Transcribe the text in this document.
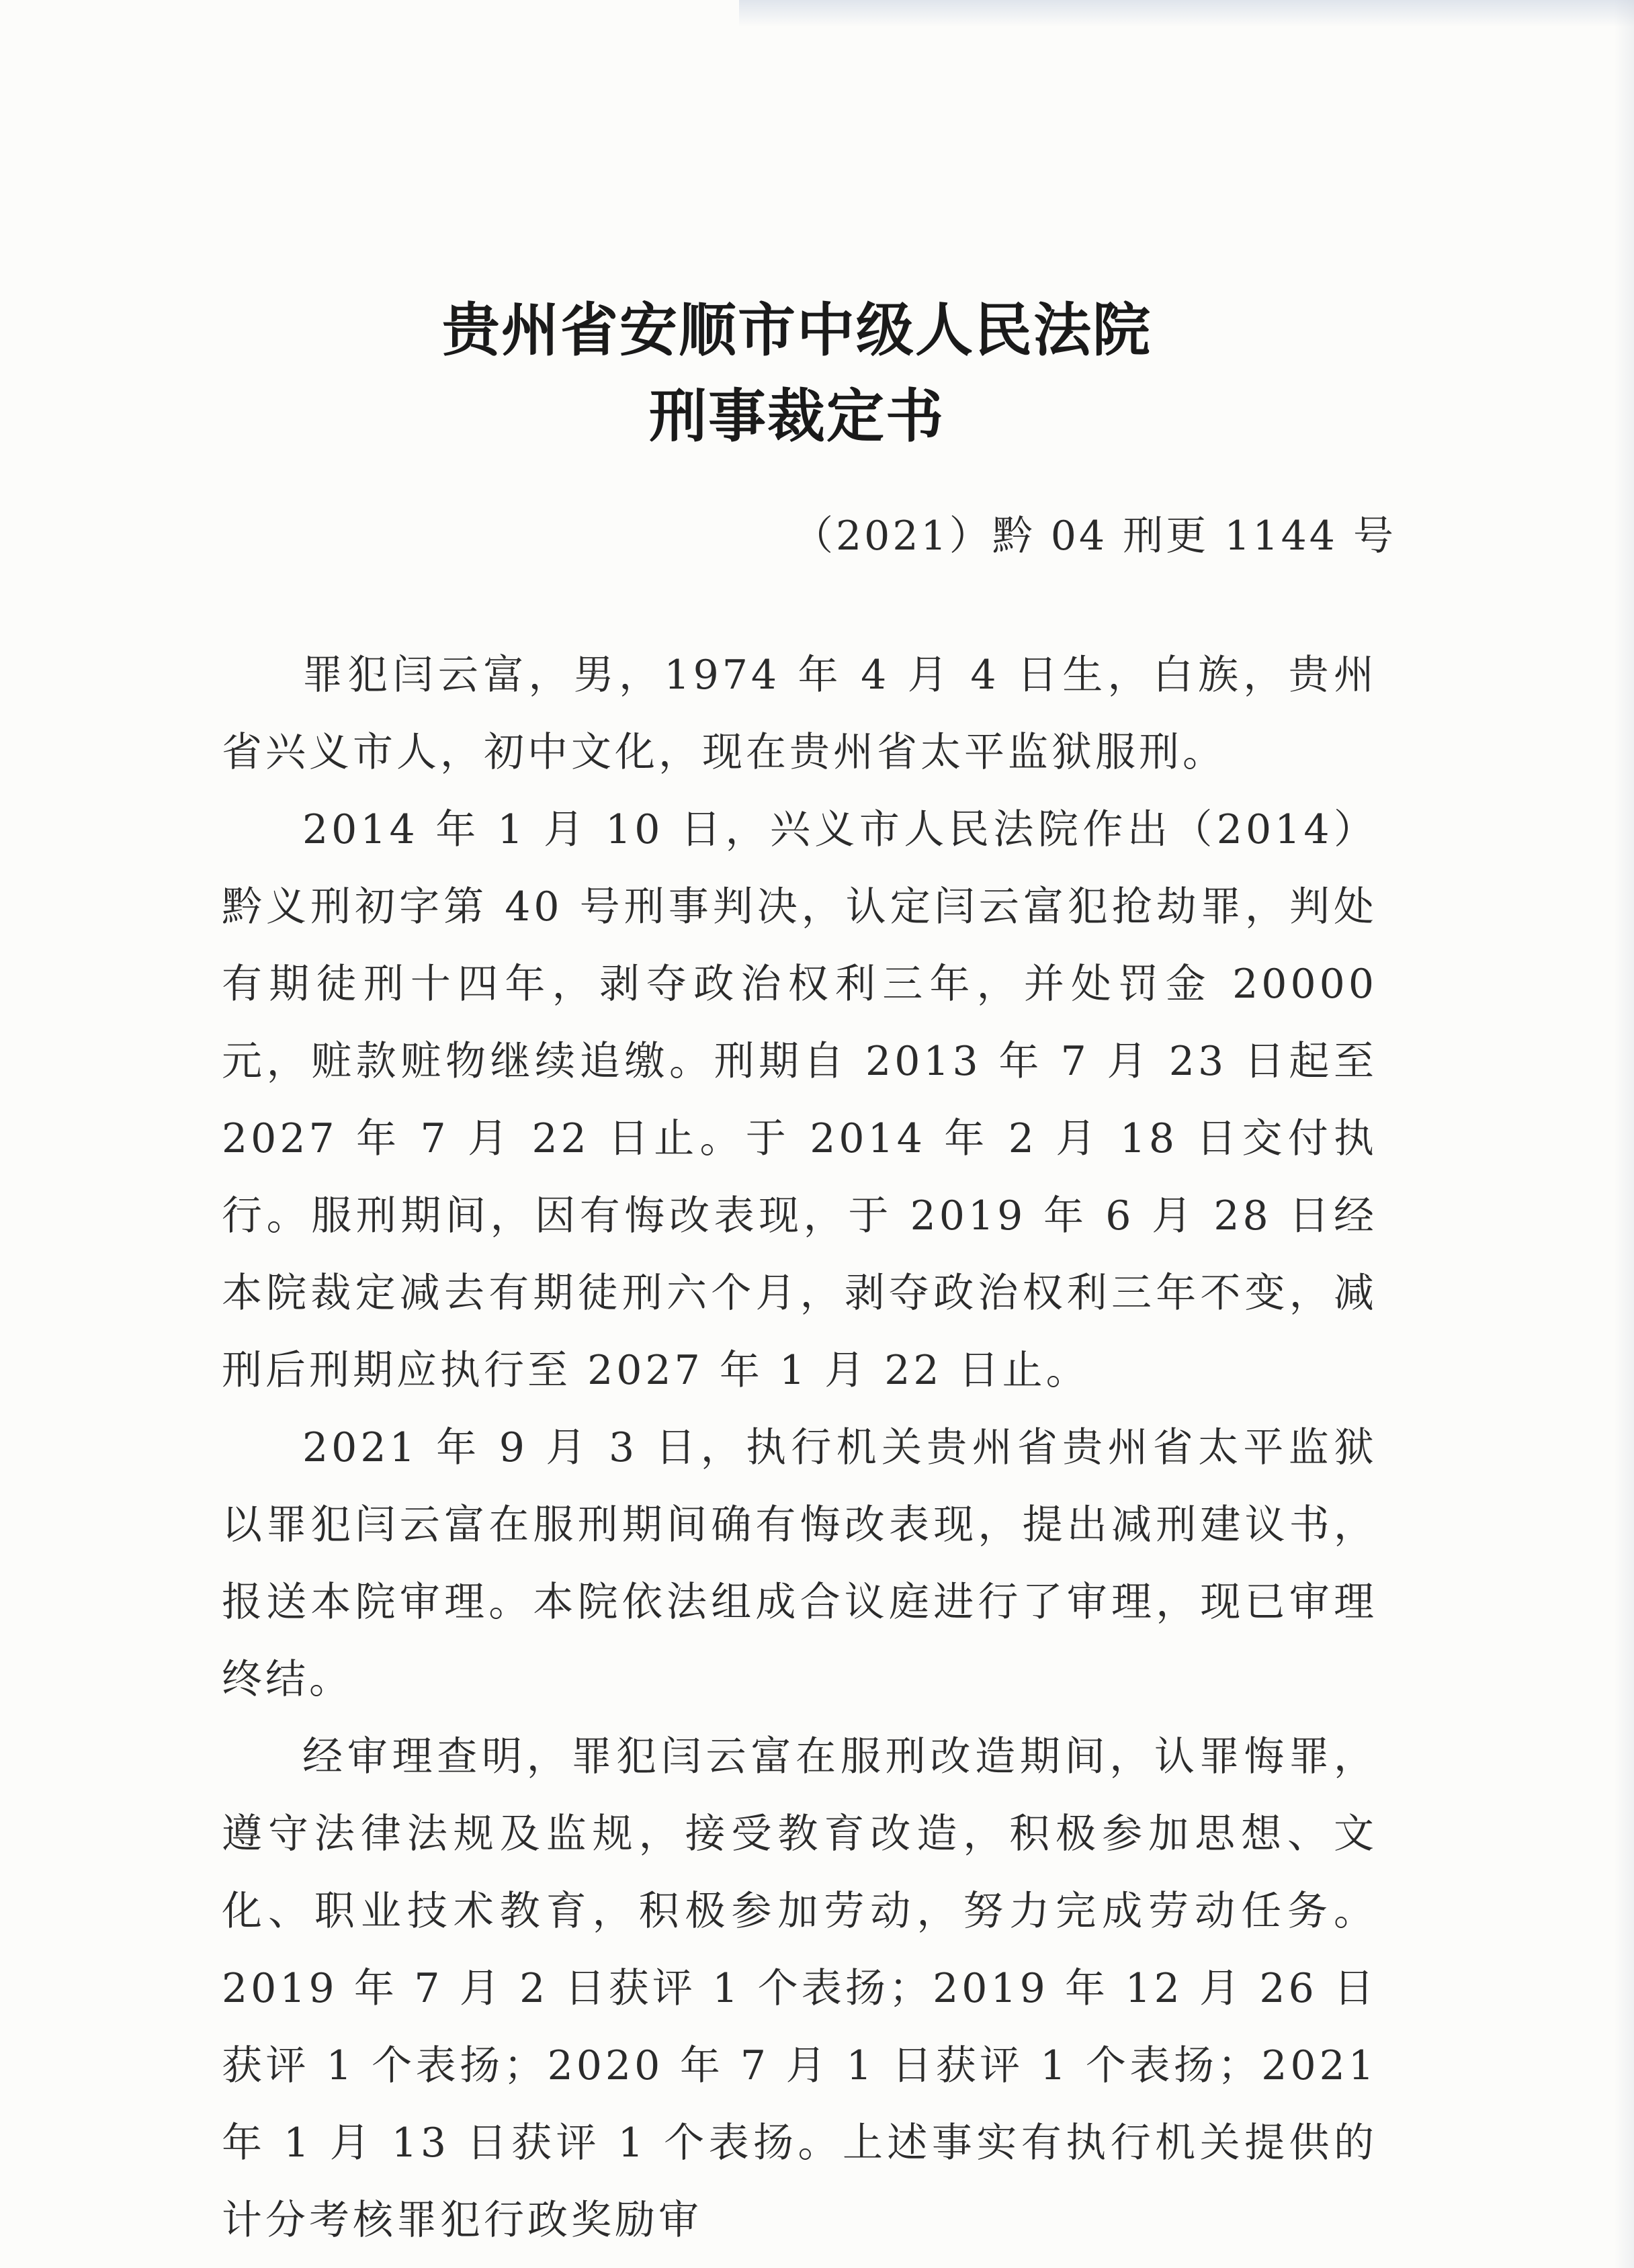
贵州省安顺市中级人民法院
刑事裁定书
（2021）黔 04 刑更 1144 号

罪犯闫云富，男，1974 年 4 月 4 日生，白族，贵州省兴义市人，初中文化，现在贵州省太平监狱服刑。

2014 年 1 月 10 日，兴义市人民法院作出（2014）黔义刑初字第 40 号刑事判决，认定闫云富犯抢劫罪，判处有期徒刑十四年，剥夺政治权利三年，并处罚金 20000 元，赃款赃物继续追缴。刑期自 2013 年 7 月 23 日起至 2027 年 7 月 22 日止。于 2014 年 2 月 18 日交付执行。服刑期间，因有悔改表现，于 2019 年 6 月 28 日经本院裁定减去有期徒刑六个月，剥夺政治权利三年不变，减刑后刑期应执行至 2027 年 1 月 22 日止。

2021 年 9 月 3 日，执行机关贵州省贵州省太平监狱以罪犯闫云富在服刑期间确有悔改表现，提出减刑建议书，报送本院审理。本院依法组成合议庭进行了审理，现已审理终结。

经审理查明，罪犯闫云富在服刑改造期间，认罪悔罪，遵守法律法规及监规，接受教育改造，积极参加思想、文化、职业技术教育，积极参加劳动，努力完成劳动任务。2019 年 7 月 2 日获评 1 个表扬；2019 年 12 月 26 日获评 1 个表扬；2020 年 7 月 1 日获评 1 个表扬；2021 年 1 月 13 日获评 1 个表扬。上述事实有执行机关提供的计分考核罪犯行政奖励审
